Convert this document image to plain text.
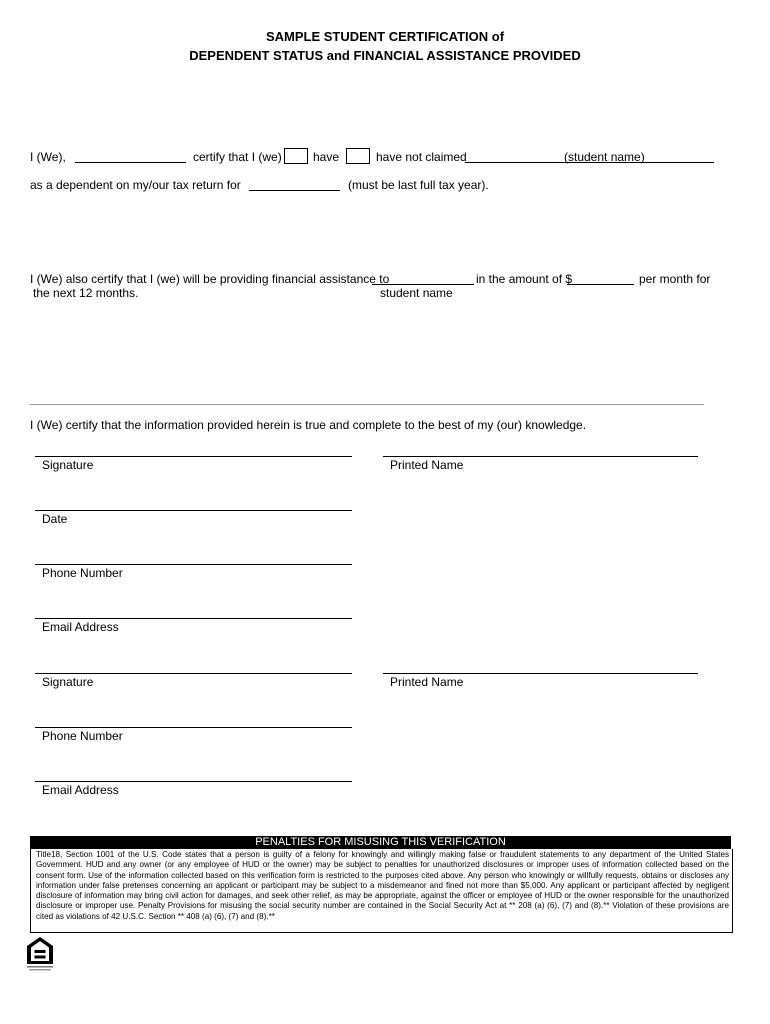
SAMPLE STUDENT CERTIFICATION of
DEPENDENT STATUS and FINANCIAL ASSISTANCE PROVIDED
I (We),	certify that I (we)	have	have not claimed	(student name)
as a dependent on my/our tax return for	(must be last full tax year).
I (We) also certify that I (we) will be providing financial assistance to	in the amount of $	per month for
the next 12 months.	student name
I (We) certify that the information provided herein is true and complete to the best of my (our) knowledge.
Signature	Printed Name
Date
Phone Number
Email Address
Signature	Printed Name
Phone Number
Email Address
PENALTIES FOR MISUSING THIS VERIFICATION

Title18, Section 1001 of the U.S. Code states that a person is guilty of a felony for knowingly and willingly making false or fraudulent statements to any department of the United States Government. HUD and any owner (or any employee of HUD or the owner) may be subject to penalties for unauthorized disclosures or improper uses of information collected based on the consent form. Use of the information collected based on this verification form is restricted to the purposes cited above. Any person who knowingly or willfully requests, obtains or discloses any information under false pretenses concerning an applicant or participant may be subject to a misdemeanor and fined not more than $5,000. Any applicant or participant affected by negligent disclosure of information may bring civil action for damages, and seek other relief, as may be appropriate, against the officer or employee of HUD or the owner responsible for the unauthorized disclosure or improper use. Penalty Provisions for misusing the social security number are contained in the Social Security Act at ** 208 (a) (6), (7) and (8).** Violation of these provisions are cited as violations of 42 U.S.C. Section ** 408 (a) (6), (7) and (8).**
